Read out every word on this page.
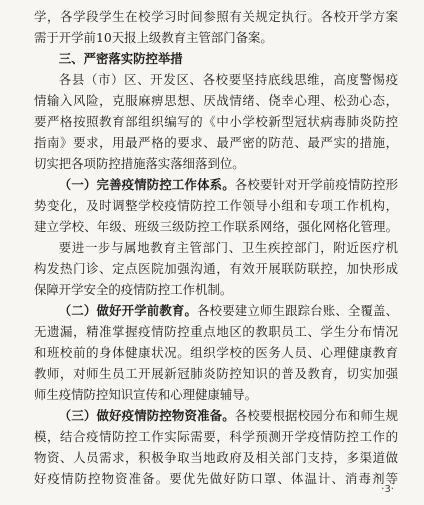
学，各学段学生在校学习时间参照有关规定执行。各校开学方案

需于开学前10天报上级教育主管部门备案。

三、严密落实防控举措

各县（市）区、开发区、各校要坚持底线思维，高度警惕疫

情输入风险，克服麻痹思想、厌战情绪、侥幸心理、松劲心态，

要严格按照教育部组织编写的《中小学校新型冠状病毒肺炎防控

指南》要求，用最严格的要求、最严密的防范、最严实的措施，

切实把各项防控措施落实落细落到位。

（一）完善疫情防控工作体系。各校要针对开学前疫情防控形

势变化，及时调整学校疫情防控工作领导小组和专项工作机构，

建立学校、年级、班级三级防控工作联系网络，强化网格化管理。

要进一步与属地教育主管部门、卫生疾控部门，附近医疗机

构发热门诊、定点医院加强沟通，有效开展联防联控，加快形成

保障开学安全的疫情防控工作机制。

（二）做好开学前教育。各校要建立师生跟踪台账、全覆盖、

无遗漏，精准掌握疫情防控重点地区的教职员工、学生分布情况

和班校前的身体健康状况。组织学校的医务人员、心理健康教育

教师，对师生员工开展新冠肺炎防控知识的普及教育，切实加强

师生疫情防控知识宣传和心理健康辅导。

（三）做好疫情防控物资准备。各校要根据校园分布和师生规

模，结合疫情防控工作实际需要，科学预测开学疫情防控工作的

物资、人员需求，积极争取当地政府及相关部门支持，多渠道做

好疫情防控物资准备。要优先做好防口罩、体温计、消毒剂等

·3·
